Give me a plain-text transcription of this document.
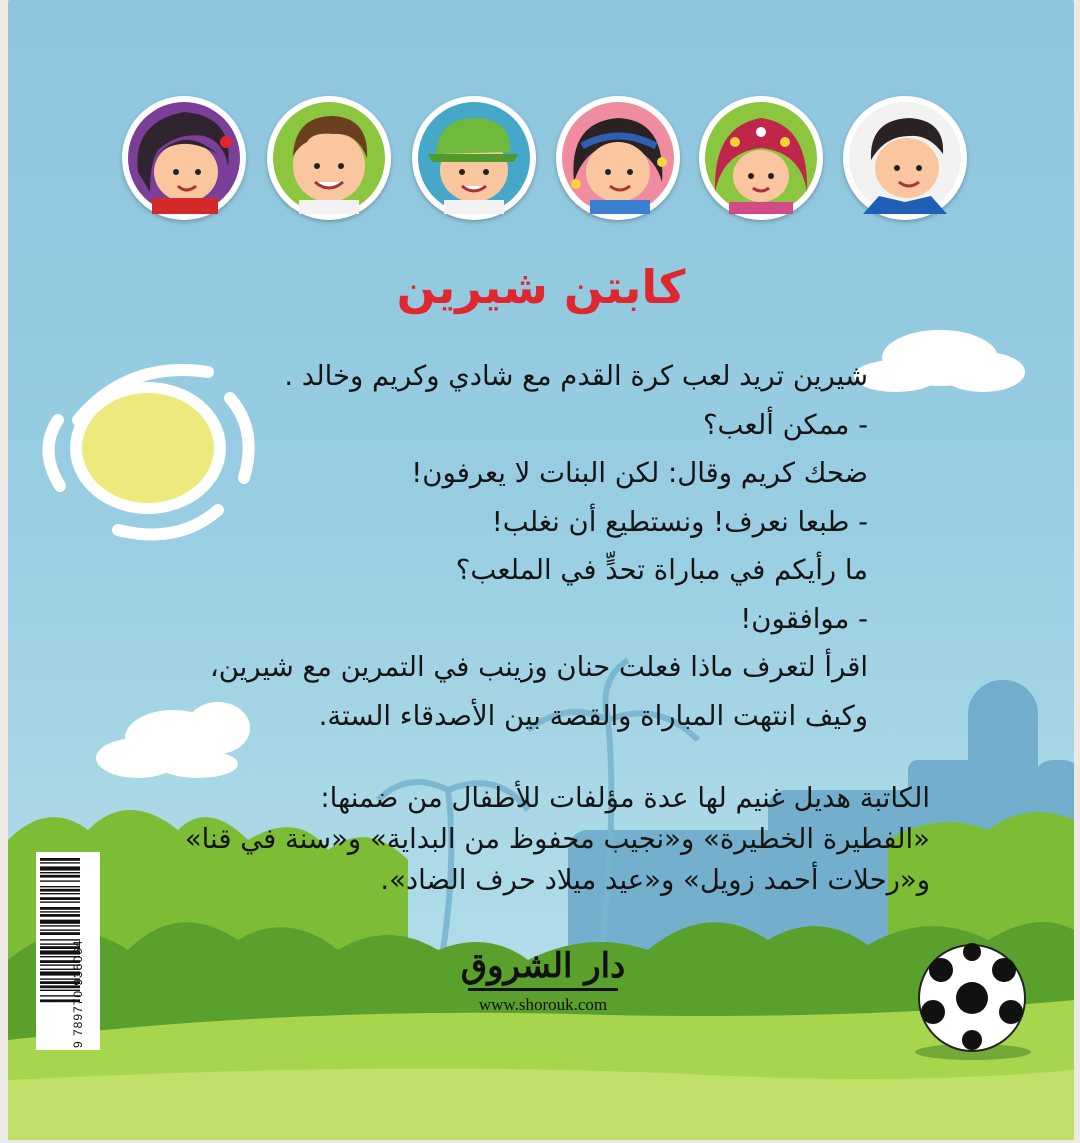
كابتن شيرين

شيرين تريد لعب كرة القدم مع شادي وكريم وخالد .

- ممكن ألعب؟

ضحك كريم وقال: لكن البنات لا يعرفون!

- طبعا نعرف! ونستطيع أن نغلب!

ما رأيكم في مباراة تحدٍّ في الملعب؟

- موافقون!

اقرأ لتعرف ماذا فعلت حنان وزينب في التمرين مع شيرين،

وكيف انتهت المباراة والقصة بين الأصدقاء الستة.

الكاتبة هديل غنيم لها عدة مؤلفات للأطفال من ضمنها:

«الفطيرة الخطيرة» و«نجيب محفوظ من البداية» و«سنة في قنا»

و«رحلات أحمد زويل» و«عيد ميلاد حرف الضاد».

دار الشروق
www.shorouk.com
9 789770 935064
